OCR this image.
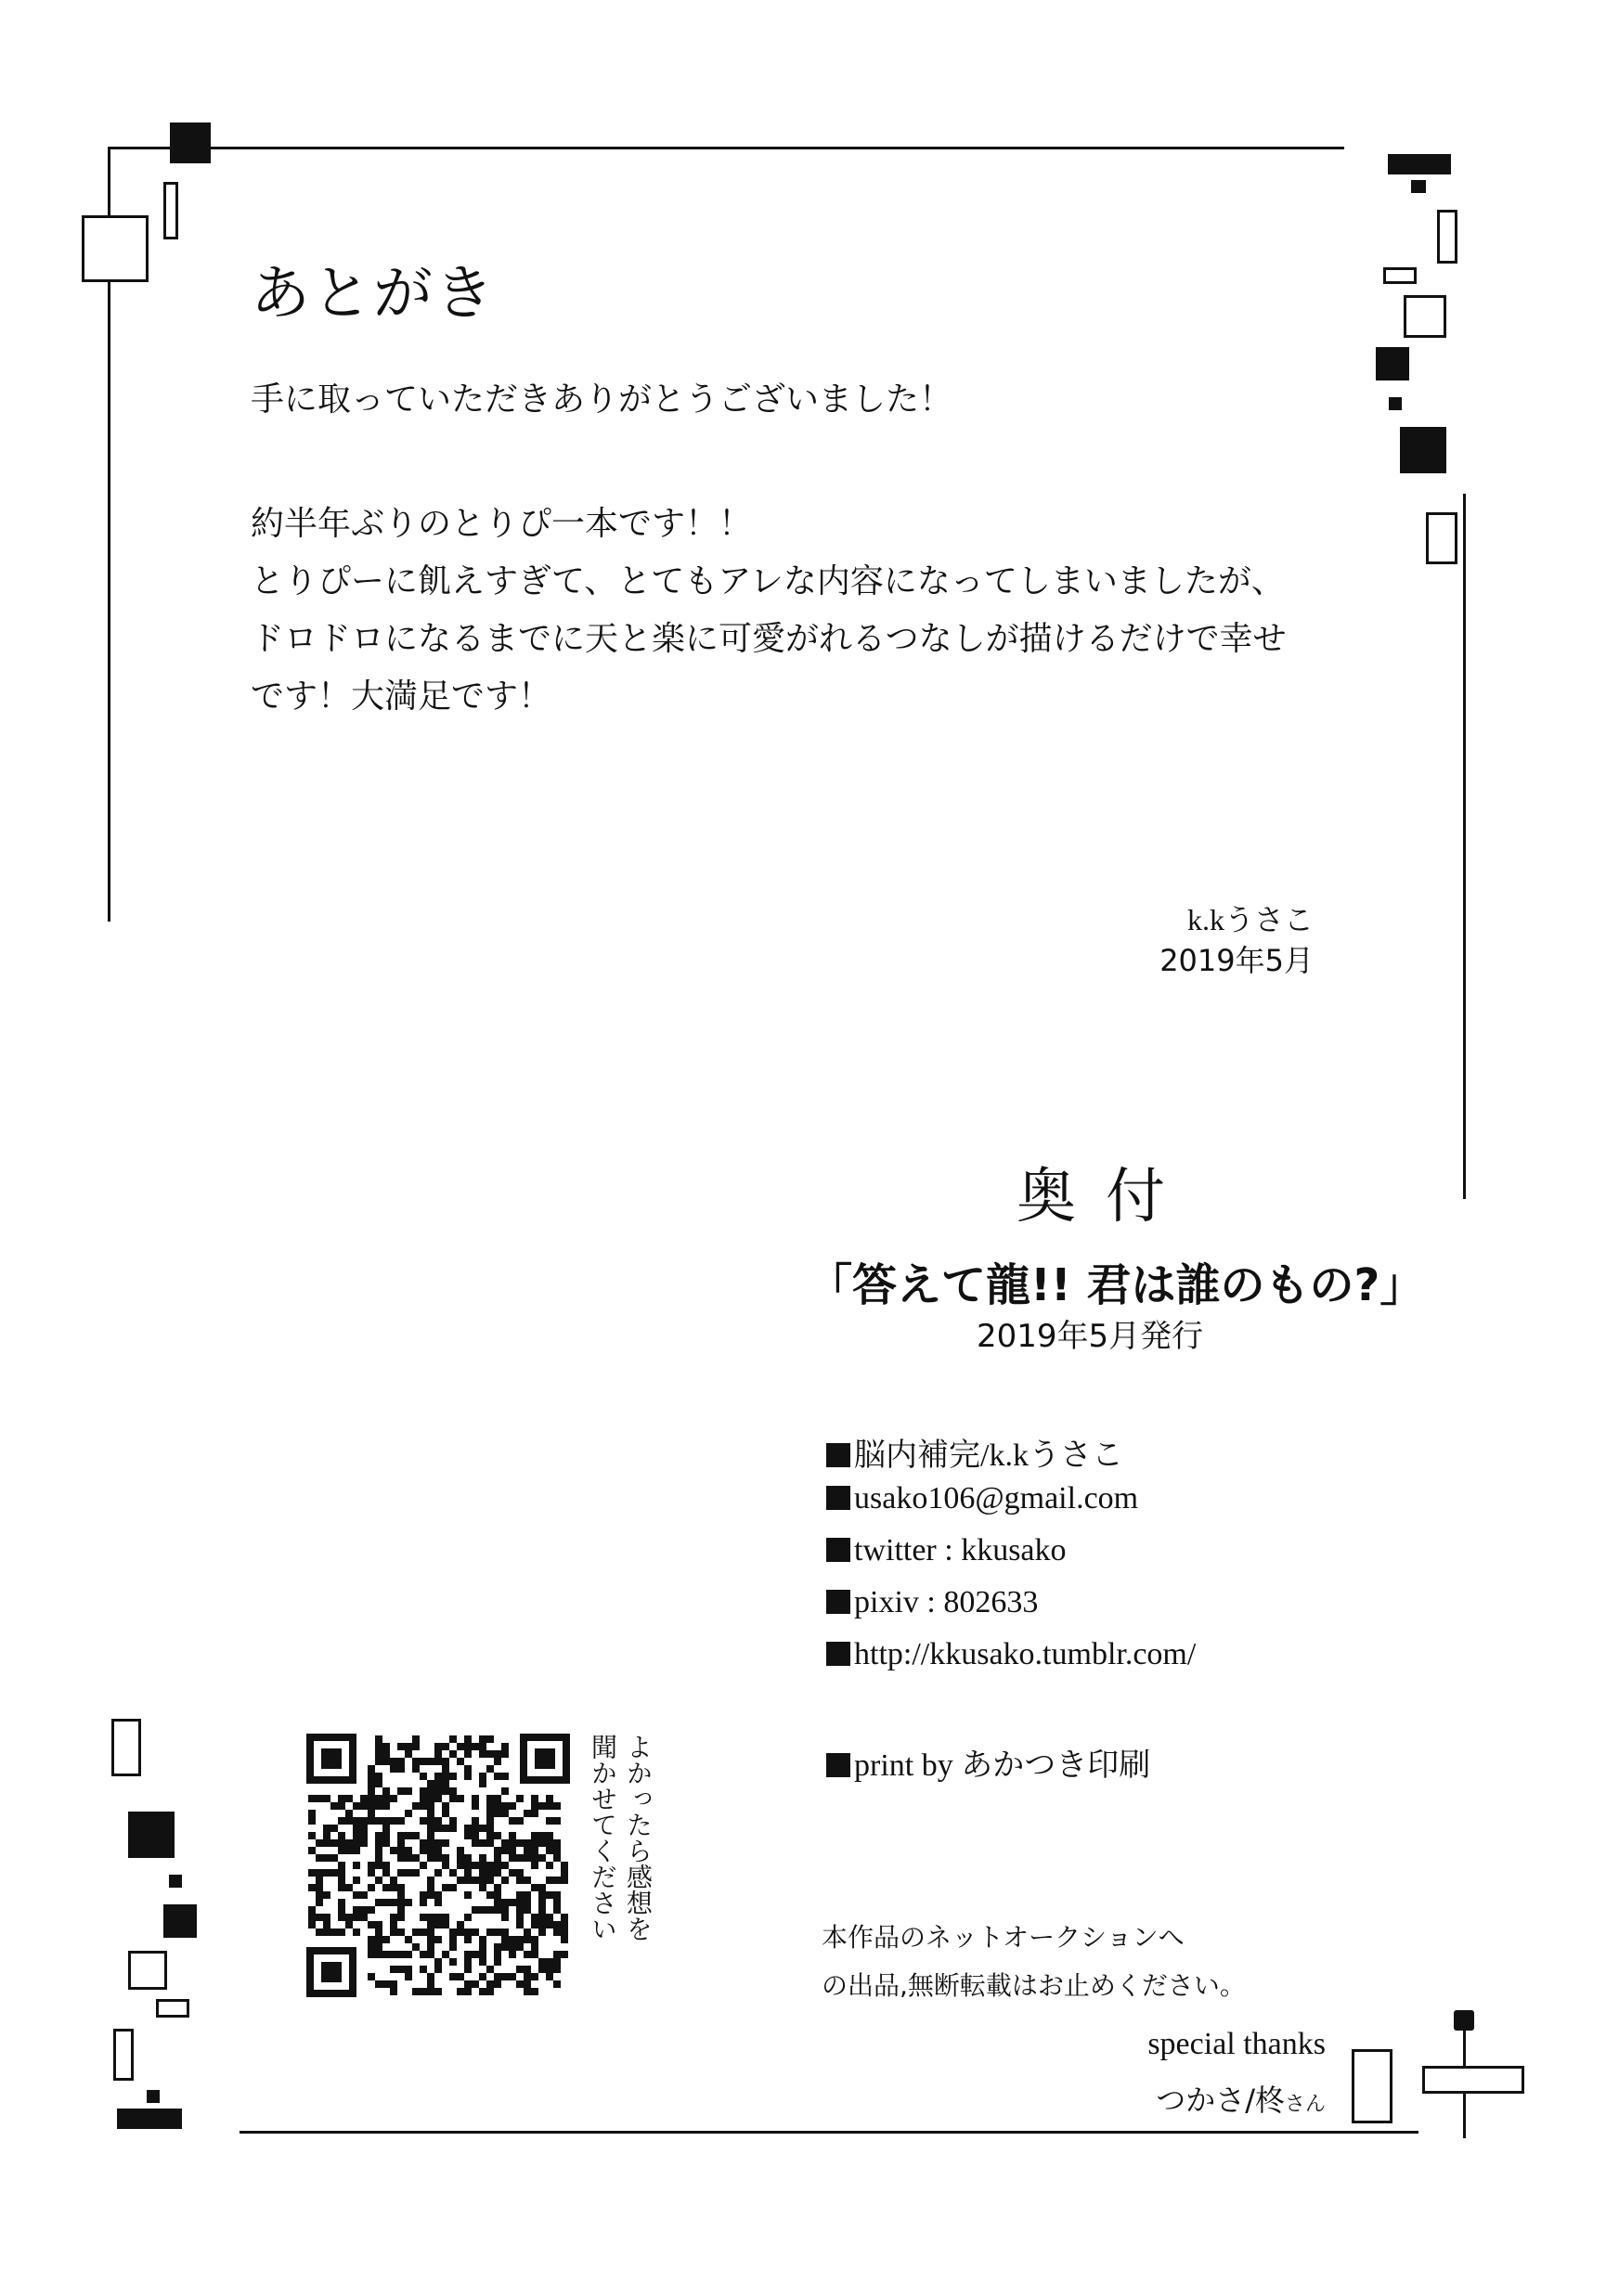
あとがき
手に取っていただきありがとうございました！
約半年ぶりのとりぴ一本です！！
とりぴーに飢えすぎて、とてもアレな内容になってしまいましたが、
ドロドロになるまでに天と楽に可愛がれるつなしが描けるだけで幸せ
です！大満足です！
k.kうさこ
2019年5月
奥付
「答えて龍!! 君は誰のもの?」
2019年5月発行
脳内補完/k.kうさこ
usako106@gmail.com
twitter : kkusako
pixiv : 802633
http://kkusako.tumblr.com/
print by あかつき印刷
本作品のネットオークションへ
の出品,無断転載はお止めください。
special thanks
つかさ/柊さん
よかったら感想を
聞かせてください
